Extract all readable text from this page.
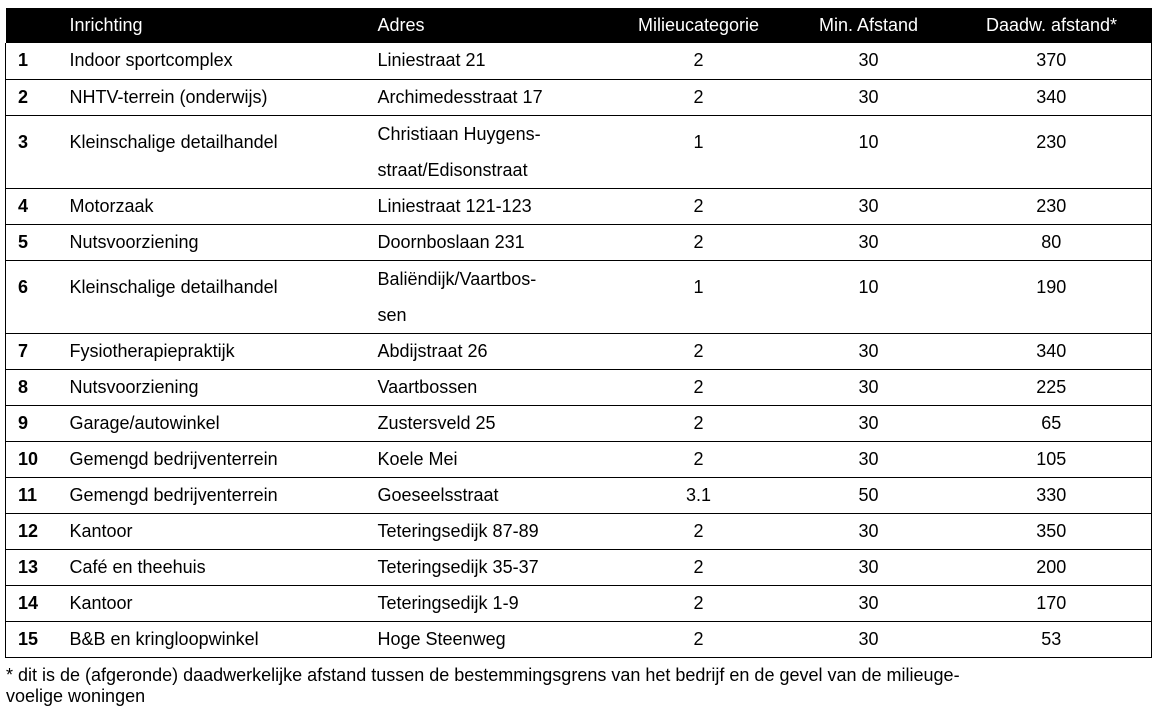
	Inrichting	Adres	Milieucategorie	Min. Afstand	Daadw. afstand*
1	Indoor sportcomplex	Liniestraat 21	2	30	370
2	NHTV-terrein (onderwijs)	Archimedesstraat 17	2	30	340
3	Kleinschalige detailhandel	Christiaan Huygens-
straat/Edisonstraat	1	10	230
4	Motorzaak	Liniestraat 121-123	2	30	230
5	Nutsvoorziening	Doornboslaan 231	2	30	80
6	Kleinschalige detailhandel	Baliëndijk/Vaartbos-
sen	1	10	190
7	Fysiotherapiepraktijk	Abdijstraat 26	2	30	340
8	Nutsvoorziening	Vaartbossen	2	30	225
9	Garage/autowinkel	Zustersveld 25	2	30	65
10	Gemengd bedrijventerrein	Koele Mei	2	30	105
11	Gemengd bedrijventerrein	Goeseelsstraat	3.1	50	330
12	Kantoor	Teteringsedijk 87-89	2	30	350
13	Café en theehuis	Teteringsedijk 35-37	2	30	200
14	Kantoor	Teteringsedijk 1-9	2	30	170
15	B&B en kringloopwinkel	Hoge Steenweg	2	30	53
* dit is de (afgeronde) daadwerkelijke afstand tussen de bestemmingsgrens van het bedrijf en de gevel van de milieuge-
voelige woningen
